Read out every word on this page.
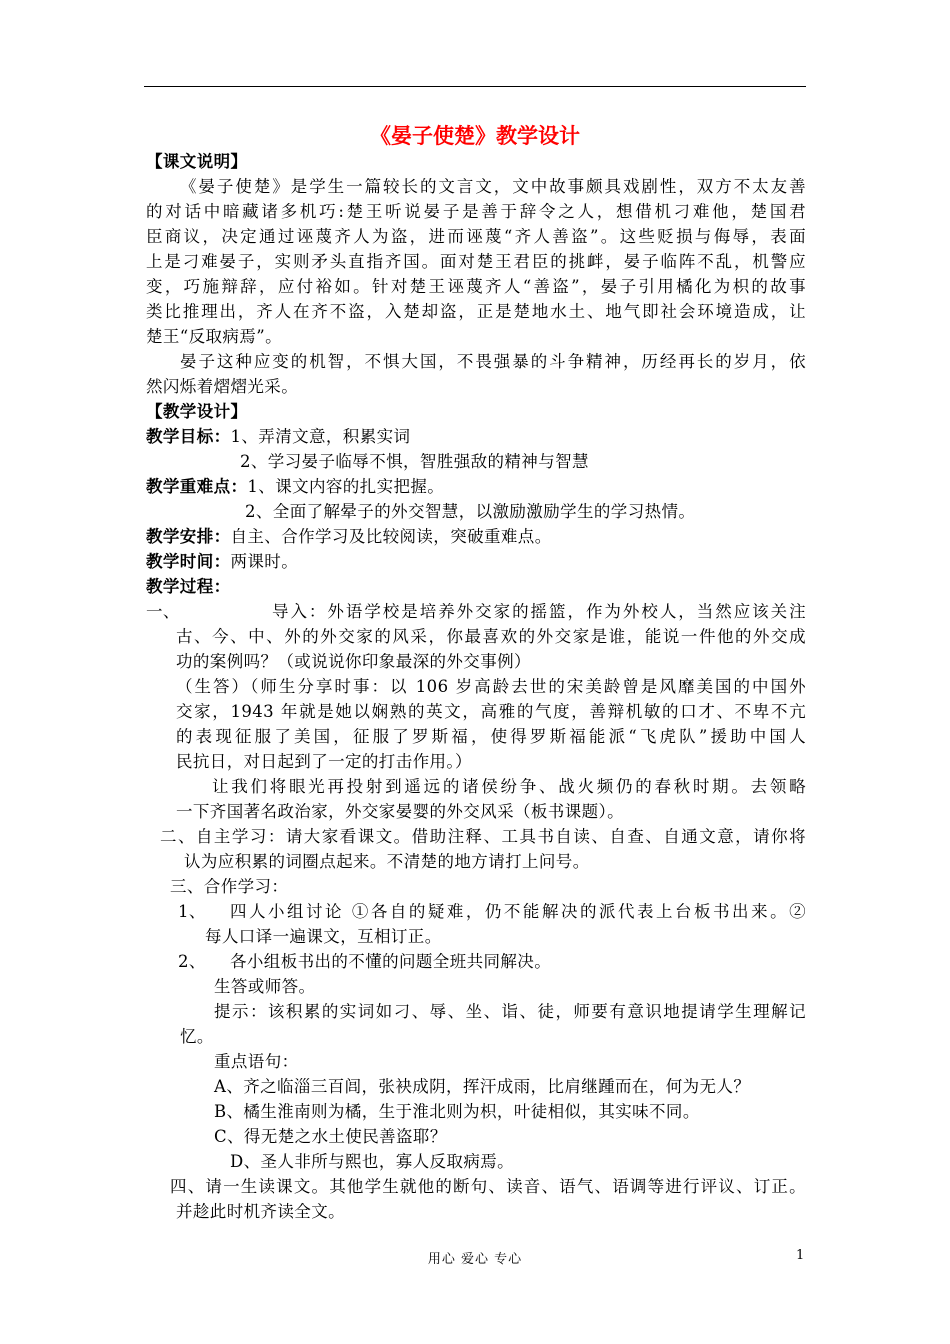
《晏子使楚》教学设计
【课文说明】
《晏子使楚》是学生一篇较长的文言文，文中故事颇具戏剧性，双方不太友善
的对话中暗藏诸多机巧:楚王听说晏子是善于辞令之人，想借机刁难他，楚国君
臣商议，决定通过诬蔑齐人为盗，进而诬蔑“齐人善盗”。这些贬损与侮辱，表面
上是刁难晏子，实则矛头直指齐国。面对楚王君臣的挑衅，晏子临阵不乱，机警应
变，巧施辩辞，应付裕如。针对楚王诬蔑齐人“善盗”，晏子引用橘化为枳的故事
类比推理出，齐人在齐不盗，入楚却盗，正是楚地水土、地气即社会环境造成，让
楚王“反取病焉”。
晏子这种应变的机智，不惧大国，不畏强暴的斗争精神，历经再长的岁月，依
然闪烁着熠熠光采。
【教学设计】
教学目标：1、弄清文意，积累实词
2、学习晏子临辱不惧，智胜强敌的精神与智慧
教学重难点：1、课文内容的扎实把握。
2、全面了解晕子的外交智慧，以激励激励学生的学习热情。
教学安排：自主、合作学习及比较阅读，突破重难点。
教学时间：两课时。
教学过程：
一、	导入：外语学校是培养外交家的摇篮，作为外校人，当然应该关注
古、今、中、外的外交家的风采，你最喜欢的外交家是谁，能说一件他的外交成
功的案例吗？（或说说你印象最深的外交事例）
（生答）（师生分享时事：以 106 岁高龄去世的宋美龄曾是风靡美国的中国外
交家，1943 年就是她以娴熟的英文，高雅的气度，善辩机敏的口才、不卑不亢
的表现征服了美国，征服了罗斯福，使得罗斯福能派“飞虎队”援助中国人
民抗日，对日起到了一定的打击作用。）
让我们将眼光再投射到遥远的诸侯纷争、战火频仍的春秋时期。去领略
一下齐国著名政治家，外交家晏婴的外交风采（板书课题）。
二、自主学习：请大家看课文。借助注释、工具书自读、自查、自通文意，请你将
认为应积累的词圈点起来。不清楚的地方请打上问号。
三、合作学习：
1、 四人小组讨论 ①各自的疑难，仍不能解决的派代表上台板书出来。②
每人口译一遍课文，互相订正。
2、 各小组板书出的不懂的问题全班共同解决。
生答或师答。
提示：该积累的实词如刁、辱、坐、诣、徒，师要有意识地提请学生理解记
忆。
重点语句：
A、齐之临淄三百闾，张袂成阴，挥汗成雨，比肩继踵而在，何为无人？
B、橘生淮南则为橘，生于淮北则为枳，叶徒相似，其实味不同。
C、得无楚之水土使民善盗耶？
D、圣人非所与熙也，寡人反取病焉。
四、请一生读课文。其他学生就他的断句、读音、语气、语调等进行评议、订正。
并趁此时机齐读全文。
用心 爱心 专心	1
